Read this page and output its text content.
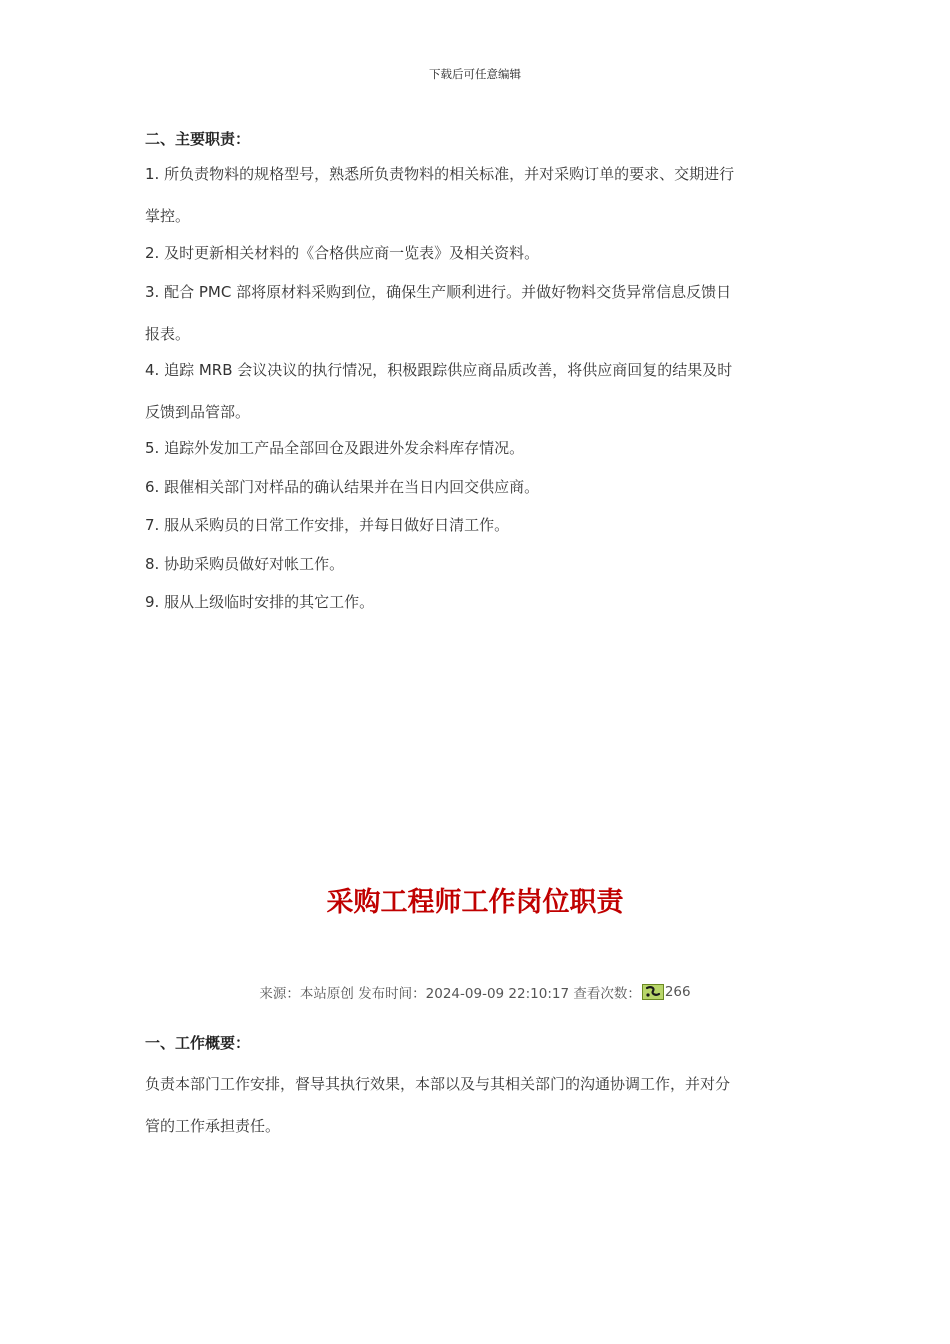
下载后可任意编辑
二、主要职责：
1. 所负责物料的规格型号，熟悉所负责物料的相关标准，并对采购订单的要求、交期进行
掌控。
2. 及时更新相关材料的《合格供应商一览表》及相关资料。
3. 配合 PMC 部将原材料采购到位，确保生产顺利进行。并做好物料交货异常信息反馈日
报表。
4. 追踪 MRB 会议决议的执行情况，积极跟踪供应商品质改善，将供应商回复的结果及时
反馈到品管部。
5. 追踪外发加工产品全部回仓及跟进外发余料库存情况。
6. 跟催相关部门对样品的确认结果并在当日内回交供应商。
7. 服从采购员的日常工作安排，并每日做好日清工作。
8. 协助采购员做好对帐工作。
9. 服从上级临时安排的其它工作。
采购工程师工作岗位职责
来源：本站原创 发布时间：2024-09-09 22:10:17 查看次数： 266
一、工作概要：
负责本部门工作安排，督导其执行效果，本部以及与其相关部门的沟通协调工作，并对分
管的工作承担责任。
